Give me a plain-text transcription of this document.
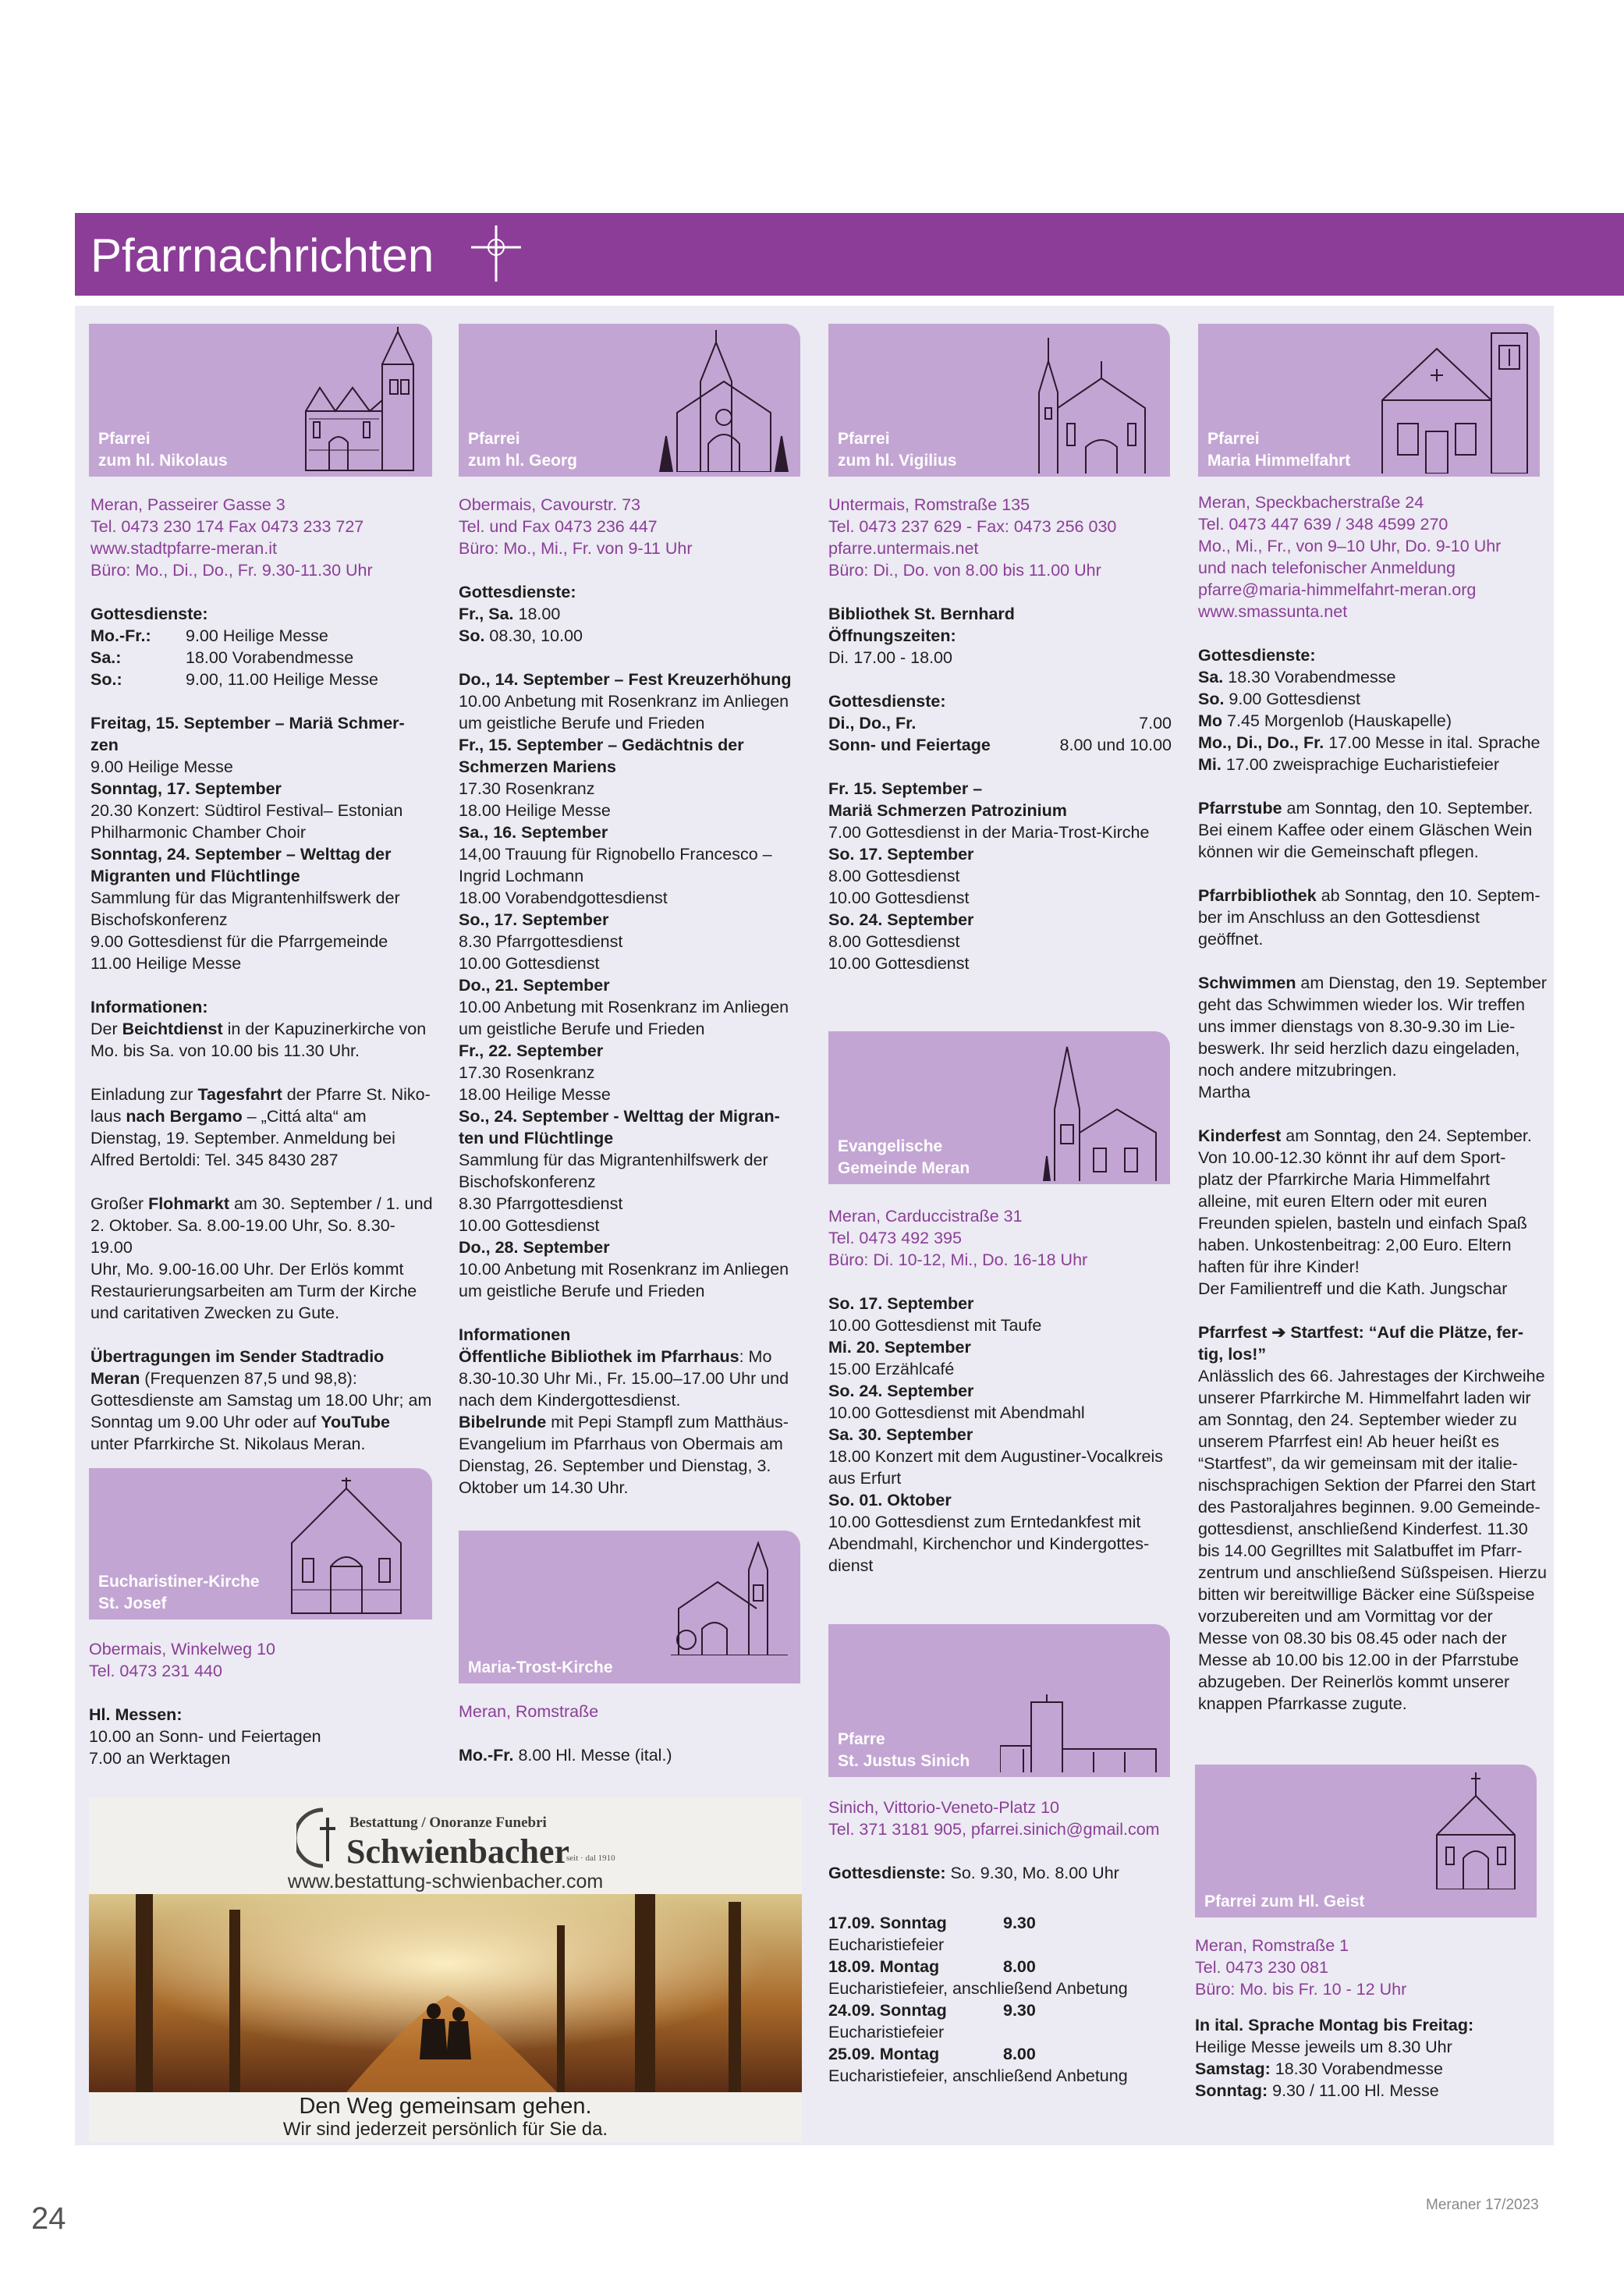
Pfarrnachrichten
Pfarrei
zum hl. Nikolaus

Meran, Passeirer Gasse 3

Tel. 0473 230 174 Fax 0473 233 727

www.stadtpfarre-meran.it

Büro: Mo., Di., Do., Fr. 9.30-11.30 Uhr

Gottesdienste:

Mo.-Fr.:	9.00 Heilige Messe
Sa.:	18.00 Vorabendmesse
So.:	9.00, 11.00 Heilige Messe

Freitag, 15. September – Mariä Schmer-
zen

9.00 Heilige Messe

Sonntag, 17. September

20.30 Konzert: Südtirol Festival– Estonian
Philharmonic Chamber Choir

Sonntag, 24. September – Welttag der
Migranten und Flüchtlinge

Sammlung für das Migrantenhilfswerk der
Bischofskonferenz
9.00 Gottesdienst für die Pfarrgemeinde
11.00 Heilige Messe

Informationen:

Der Beichtdienst in der Kapuzinerkirche von
Mo. bis Sa. von 10.00 bis 11.30 Uhr.

Einladung zur Tagesfahrt der Pfarre St. Niko-
laus nach Bergamo – „Cittá alta“ am
Dienstag, 19. September. Anmeldung bei
Alfred Bertoldi: Tel. 345 8430 287

Großer Flohmarkt am 30. September / 1. und
2. Oktober. Sa. 8.00-19.00 Uhr, So. 8.30-19.00
Uhr, Mo. 9.00-16.00 Uhr. Der Erlös kommt
Restaurierungsarbeiten am Turm der Kirche
und caritativen Zwecken zu Gute.

Übertragungen im Sender Stadtradio
Meran (Frequenzen 87,5 und 98,8):
Gottesdienste am Samstag um 18.00 Uhr; am
Sonntag um 9.00 Uhr oder auf YouTube
unter Pfarrkirche St. Nikolaus Meran.

Eucharistiner-Kirche
St. Josef

Obermais, Winkelweg 10

Tel. 0473 231 440

Hl. Messen:

10.00 an Sonn- und Feiertagen
7.00 an Werktagen

Pfarrei
zum hl. Georg

Obermais, Cavourstr. 73

Tel. und Fax 0473 236 447

Büro: Mo., Mi., Fr. von 9-11 Uhr

Gottesdienste:

Fr., Sa. 18.00

So. 08.30, 10.00

Do., 14. September – Fest Kreuzerhöhung

10.00 Anbetung mit Rosenkranz im Anliegen
um geistliche Berufe und Frieden

Fr., 15. September – Gedächtnis der
Schmerzen Mariens

17.30 Rosenkranz
18.00 Heilige Messe

Sa., 16. September

14,00 Trauung für Rignobello Francesco –
Ingrid Lochmann
18.00 Vorabendgottesdienst

So., 17. September

8.30 Pfarrgottesdienst
10.00 Gottesdienst

Do., 21. September

10.00 Anbetung mit Rosenkranz im Anliegen
um geistliche Berufe und Frieden

Fr., 22. September

17.30 Rosenkranz
18.00 Heilige Messe

So., 24. September - Welttag der Migran-
ten und Flüchtlinge

Sammlung für das Migrantenhilfswerk der
Bischofskonferenz
8.30 Pfarrgottesdienst
10.00 Gottesdienst

Do., 28. September

10.00 Anbetung mit Rosenkranz im Anliegen
um geistliche Berufe und Frieden

Informationen

Öffentliche Bibliothek im Pfarrhaus: Mo
8.30-10.30 Uhr Mi., Fr. 15.00–17.00 Uhr und
nach dem Kindergottesdienst.

Bibelrunde mit Pepi Stampfl zum Matthäus-
Evangelium im Pfarrhaus von Obermais am
Dienstag, 26. September und Dienstag, 3.
Oktober um 14.30 Uhr.

Maria-Trost-Kirche

Meran, Romstraße

Mo.-Fr. 8.00 Hl. Messe (ital.)

Pfarrei
zum hl. Vigilius

Untermais, Romstraße 135

Tel. 0473 237 629 - Fax: 0473 256 030

pfarre.untermais.net

Büro: Di., Do. von 8.00 bis 11.00 Uhr

Bibliothek St. Bernhard
Öffnungszeiten:

Di. 17.00 - 18.00

Gottesdienste:

Di., Do., Fr.	7.00
Sonn- und Feiertage	8.00 und 10.00

Fr. 15. September –
Mariä Schmerzen Patrozinium

7.00 Gottesdienst in der Maria-Trost-Kirche

So. 17. September

8.00 Gottesdienst
10.00 Gottesdienst

So. 24. September

8.00 Gottesdienst
10.00 Gottesdienst

Evangelische
Gemeinde Meran

Meran, Carduccistraße 31

Tel. 0473 492 395

Büro: Di. 10-12, Mi., Do. 16-18 Uhr

So. 17. September

10.00 Gottesdienst mit Taufe

Mi. 20. September

15.00 Erzählcafé

So. 24. September

10.00 Gottesdienst mit Abendmahl

Sa. 30. September

18.00 Konzert mit dem Augustiner-Vocalkreis
aus Erfurt

So. 01. Oktober

10.00 Gottesdienst zum Erntedankfest mit
Abendmahl, Kirchenchor und Kindergottes-
dienst

Pfarre
St. Justus Sinich

Sinich, Vittorio-Veneto-Platz 10

Tel. 371 3181 905, pfarrei.sinich@gmail.com

Gottesdienste: So. 9.30, Mo. 8.00 Uhr

17.09. Sonntag	9.30

Eucharistiefeier

18.09. Montag	8.00

Eucharistiefeier, anschließend Anbetung

24.09. Sonntag	9.30

Eucharistiefeier

25.09. Montag	8.00

Eucharistiefeier, anschließend Anbetung

Pfarrei
Maria Himmelfahrt

Meran, Speckbacherstraße 24

Tel. 0473 447 639 / 348 4599 270

Mo., Mi., Fr., von 9–10 Uhr, Do. 9-10 Uhr

und nach telefonischer Anmeldung

pfarre@maria-himmelfahrt-meran.org

www.smassunta.net

Gottesdienste:

Sa. 18.30 Vorabendmesse

So. 9.00 Gottesdienst

Mo 7.45 Morgenlob (Hauskapelle)

Mo., Di., Do., Fr. 17.00 Messe in ital. Sprache

Mi. 17.00 zweisprachige Eucharistiefeier

Pfarrstube am Sonntag, den 10. September.
Bei einem Kaffee oder einem Gläschen Wein
können wir die Gemeinschaft pflegen.

Pfarrbibliothek ab Sonntag, den 10. Septem-
ber im Anschluss an den Gottesdienst
geöffnet.

Schwimmen am Dienstag, den 19. September
geht das Schwimmen wieder los. Wir treffen
uns immer dienstags von 8.30-9.30 im Lie-
beswerk. Ihr seid herzlich dazu eingeladen,
noch andere mitzubringen.
Martha

Kinderfest am Sonntag, den 24. September.
Von 10.00-12.30 könnt ihr auf dem Sport-
platz der Pfarrkirche Maria Himmelfahrt
alleine, mit euren Eltern oder mit euren
Freunden spielen, basteln und einfach Spaß
haben. Unkostenbeitrag: 2,00 Euro. Eltern
haften für ihre Kinder!
Der Familientreff und die Kath. Jungschar

Pfarrfest ➔ Startfest: “Auf die Plätze, fer-
tig, los!”

Anlässlich des 66. Jahrestages der Kirchweihe
unserer Pfarrkirche M. Himmelfahrt laden wir
am Sonntag, den 24. September wieder zu
unserem Pfarrfest ein! Ab heuer heißt es
“Startfest”, da wir gemeinsam mit der italie-
nischsprachigen Sektion der Pfarrei den Start
des Pastoraljahres beginnen. 9.00 Gemeinde-
gottesdienst, anschließend Kinderfest. 11.30
bis 14.00 Gegrilltes mit Salatbuffet im Pfarr-
zentrum und anschließend Süßspeisen. Hierzu
bitten wir bereitwillige Bäcker eine Süßspeise
vorzubereiten und am Vormittag vor der
Messe von 08.30 bis 08.45 oder nach der
Messe ab 10.00 bis 12.00 in der Pfarrstube
abzugeben. Der Reinerlös kommt unserer
knappen Pfarrkasse zugute.

Pfarrei zum Hl. Geist

Meran, Romstraße 1

Tel. 0473 230 081

Büro: Mo. bis Fr. 10 - 12 Uhr

In ital. Sprache Montag bis Freitag:

Heilige Messe jeweils um 8.30 Uhr

Samstag: 18.30 Vorabendmesse

Sonntag: 9.30 / 11.00 Hl. Messe

Bestattung / Onoranze Funebri
Schwienbacher
seit · dal 1910
www.bestattung-schwienbacher.com
Den Weg gemeinsam gehen.
Wir sind jederzeit persönlich für Sie da.
24	Meraner 17/2023
